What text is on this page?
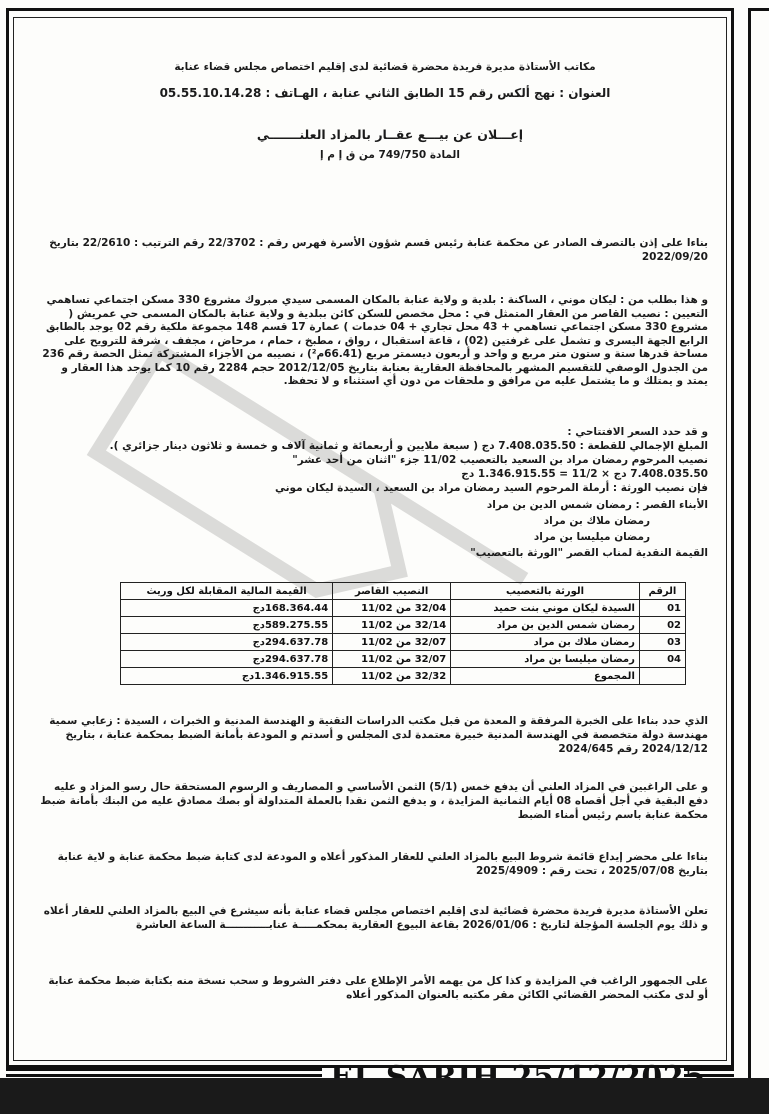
مكاتب الأستاذة مديرة فريدة محضرة قضائية لدى إقليم اختصاص مجلس قضاء عنابة
العنوان : نهج ألكس رقم 15 الطابق الثاني عنابة ، الهـاتف : 05.55.10.14.28
إعـــلان عن بيـــع عقــار بالمزاد العلنـــــــي
المادة 749/750 من ق إ م إ
بناءا على إذن بالتصرف الصادر عن محكمة عنابة رئيس قسم شؤون الأسرة فهرس رقم : 22/3702 رقم الترتيب : 22/2610 بتاريخ 2022/09/20
و هذا بطلب من : ليكان موني ، الساكنة : بلدية و ولاية عنابة بالمكان المسمى سيدي مبروك مشروع 330 مسكن اجتماعي تساهمي التعيين : نصيب القاصر من العقار المتمثل في : محل مخصص للسكن كائن ببلدية و ولاية عنابة بالمكان المسمى حي عمريش ( مشروع 330 مسكن اجتماعي تساهمي + 43 محل تجاري + 04 خدمات ) عمارة 17 قسم 148 مجموعة ملكية رقم 02 يوجد بالطابق الرابع الجهة اليسرى و تشمل على غرفتين (02) ، قاعة استقبال ، رواق ، مطبخ ، حمام ، مرحاض ، مجفف ، شرفة للترويح على مساحة قدرها ستة و ستون متر مربع و واحد و أربعون ديسمتر مربع (66.41م²) ، نصيبه من الأجزاء المشتركة تمثل الحصة رقم 236 من الجدول الوصفي للتقسيم المشهر بالمحافظة العقارية بعنابة بتاريخ 2012/12/05 حجم 2284 رقم 10 كما يوجد هذا العقار و يمتد و يمتلك و ما يشتمل عليه من مرافق و ملحقات من دون أي استثناء و لا تحفظ.
و قد حدد السعر الافتتاحي :
المبلغ الإجمالي للقطعة : 7.408.035.50 دج ( سبعة ملايين و أربعمائة و ثمانية آلاف و خمسة و ثلاثون دينار جزائري ).
نصيب المرحوم رمضان مراد بن السعيد بالتعصيب 11/02 جزء "اثنان من أحد عشر"
7.408.035.50 دج × 11/2 = 1.346.915.55 دج
فإن نصيب الورثة : أرملة المرحوم السيد رمضان مراد بن السعيد ، السيدة ليكان موني
الأبناء القصر : رمضان شمس الدين بن مراد
رمضان ملاك بن مراد
رمضان ميليسا بن مراد
القيمة النقدية لمناب القصر "الورثة بالتعصيب"
الرقم	الورثة بالتعصيب	النصيب القاصر	القيمة المالية المقابلة لكل وريث
01	السيدة ليكان موني بنت حميد	32/04 من 11/02	168.364.44دج
02	رمضان شمس الدين بن مراد	32/14 من 11/02	589.275.55دج
03	رمضان ملاك بن مراد	32/07 من 11/02	294.637.78دج
04	رمضان ميليسا بن مراد	32/07 من 11/02	294.637.78دج
	المجموع	32/32 من 11/02	1.346.915.55دج
الذي حدد بناءا على الخبرة المرفقة و المعدة من قبل مكتب الدراسات التقنية و الهندسة المدنية و الخبرات ، السيدة : زعابي سمية مهندسة دولة متخصصة في الهندسة المدنية خبيرة معتمدة لدى المجلس و أسدتم و المودعة بأمانة الضبط بمحكمة عنابة ، بتاريخ 2024/12/12 رقم 2024/645
و على الراغبين في المزاد العلني أن يدفع خمس (5/1) الثمن الأساسي و المصاريف و الرسوم المستحقة حال رسو المزاد و عليه دفع البقية في أجل أقصاه 08 أيام الثمانية المزايدة ، و يدفع الثمن نقدا بالعملة المتداولة أو بصك مصادق عليه من البنك بأمانة ضبط محكمة عنابة باسم رئيس أمناء الضبط
بناءا على محضر إيداع قائمة شروط البيع بالمزاد العلني للعقار المذكور أعلاه و المودعة لدى كتابة ضبط محكمة عنابة و لاية عنابة بتاريخ 2025/07/08 ، تحت رقم : 2025/4909
تعلن الأستاذة مديرة فريدة محضرة قضائية لدى إقليم اختصاص مجلس قضاء عنابة بأنه سيشرع في البيع بالمزاد العلني للعقار أعلاه و ذلك يوم الجلسة المؤجلة لتاريخ : 2026/01/06 بقاعة البيوع العقارية بمحكمـــــة عنابــــــــــــة الساعة العاشرة
على الجمهور الراغب في المزايدة و كذا كل من يهمه الأمر الإطلاع على دفتر الشروط و سحب نسخة منه بكتابة ضبط محكمة عنابة أو لدى مكتب المحضر القضائي الكائن مقر مكتبه بالعنوان المذكور أعلاه
